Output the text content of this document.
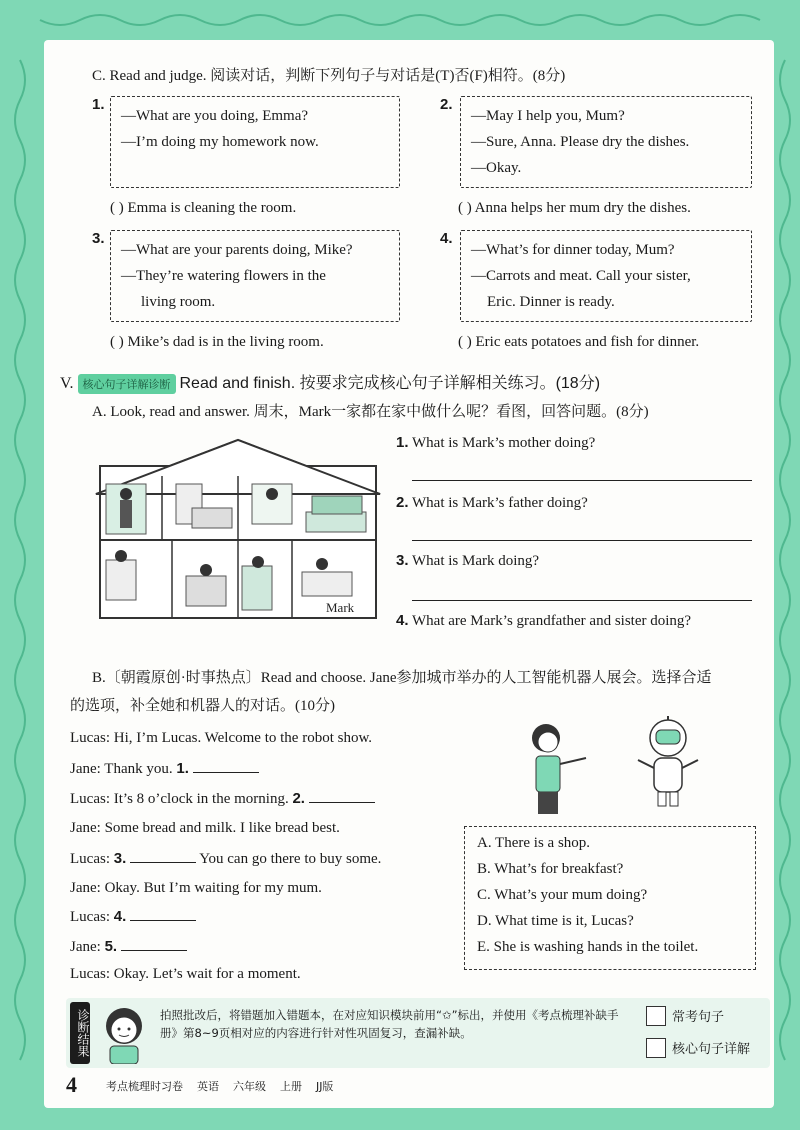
C. Read and judge. 阅读对话，判断下列句子与对话是(T)否(F)相符。(8分)
1.
—What are you doing, Emma?
—I’m doing my homework now.
( ) Emma is cleaning the room.
2.
—May I help you, Mum?
—Sure, Anna. Please dry the dishes.
—Okay.
( ) Anna helps her mum dry the dishes.
3.
—What are your parents doing, Mike?
—They’re watering flowers in the
living room.
( ) Mike’s dad is in the living room.
4.
—What’s for dinner today, Mum?
—Carrots and meat. Call your sister,
Eric. Dinner is ready.
( ) Eric eats potatoes and fish for dinner.
V. 核心句子详解诊断 Read and finish. 按要求完成核心句子详解相关练习。(18分)
A. Look, read and answer. 周末，Mark一家都在家中做什么呢？看图，回答问题。(8分)
Mark
1. What is Mark’s mother doing?
2. What is Mark’s father doing?
3. What is Mark doing?
4. What are Mark’s grandfather and sister doing?
B.〔朝霞原创·时事热点〕Read and choose. Jane参加城市举办的人工智能机器人展会。选择合适
的选项，补全她和机器人的对话。(10分)
Lucas: Hi, I’m Lucas. Welcome to the robot show.
Jane: Thank you. 1.
Lucas: It’s 8 o’clock in the morning. 2.
Jane: Some bread and milk. I like bread best.
Lucas: 3.	You can go there to buy some.
Jane: Okay. But I’m waiting for my mum.
Lucas: 4.
Jane: 5.
Lucas: Okay. Let’s wait for a moment.
A. There is a shop.
B. What’s for breakfast?
C. What’s your mum doing?
D. What time is it, Lucas?
E. She is washing hands in the toilet.
诊断结果	拍照批改后，将错题加入错题本，在对应知识模块前用“✩”标出，并使用《考点梳理补缺手册》第8~9页相对应的内容进行针对性巩固复习，查漏补缺。
常考句子
核心句子详解
4	考点梳理时习卷    英语    六年级    上册    JJ版
